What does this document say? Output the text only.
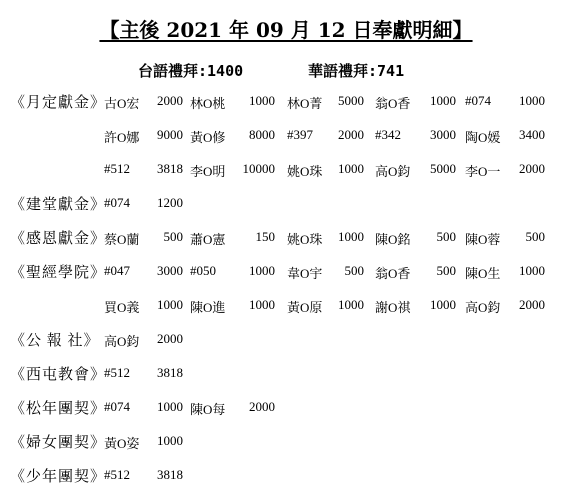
【主後 2021 年 09 月 12 日奉獻明細】
台語禮拜:1400	華語禮拜:741
《月定獻金》
古O宏 2000 林O桃 1000 林O菁 5000 翁O香 1000 #074 1000
許O娜 9000 黃O修 8000 #397 2000 #342 3000 陶O媛 3400
#512 3818 李O明 10000 姚O珠 1000 高O鈞 5000 李O一 2000
《建堂獻金》
#074 1200
《感恩獻金》
蔡O蘭 500 蕭O憲 150 姚O珠 1000 陳O銘 500 陳O蓉 500
《聖經學院》
#047 3000 #050	1000 韋O宇 500 翁O香 500 陳O生 1000
買O義 1000 陳O進 1000 黃O原 1000 謝O祺 1000 高O鈞 2000
《公 報 社》 高O鈞 2000
《西屯教會》
#512 3818
《松年團契》
#074 1000 陳O每 2000
《婦女團契》
黃O姿 1000
《少年團契》
#512 3818
